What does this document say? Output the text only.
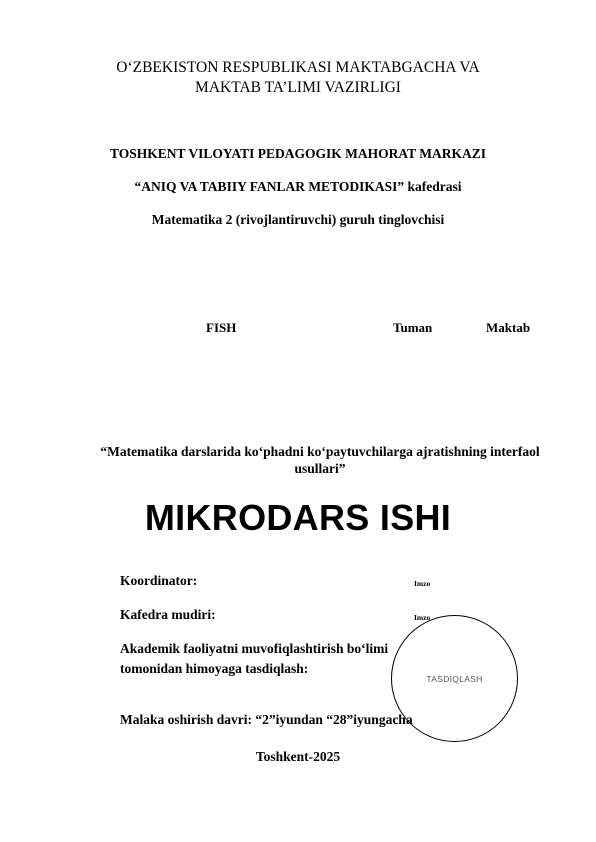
O‘ZBEKISTON RESPUBLIKASI MAKTABGACHA VA
MAKTAB TA’LIMI VAZIRLIGI
TOSHKENT VILOYATI PEDAGOGIK MAHORAT MARKAZI
“ANIQ VA TABIIY FANLAR METODIKASI” kafedrasi
Matematika 2 (rivojlantiruvchi) guruh tinglovchisi
FISH	Tuman	Maktab
“Matematika darslarida ko‘phadni ko‘paytuvchilarga ajratishning interfaol usullari”
MIKRODARS ISHI
Koordinator:	Imzo
Kafedra mudiri:	Imzo
Akademik faoliyatni muvofiqlashtirish bo‘limi
tomonidan himoyaga tasdiqlash:
TASDIQLASH
Malaka oshirish davri: “2”iyundan “28”iyungacha
Toshkent-2025
